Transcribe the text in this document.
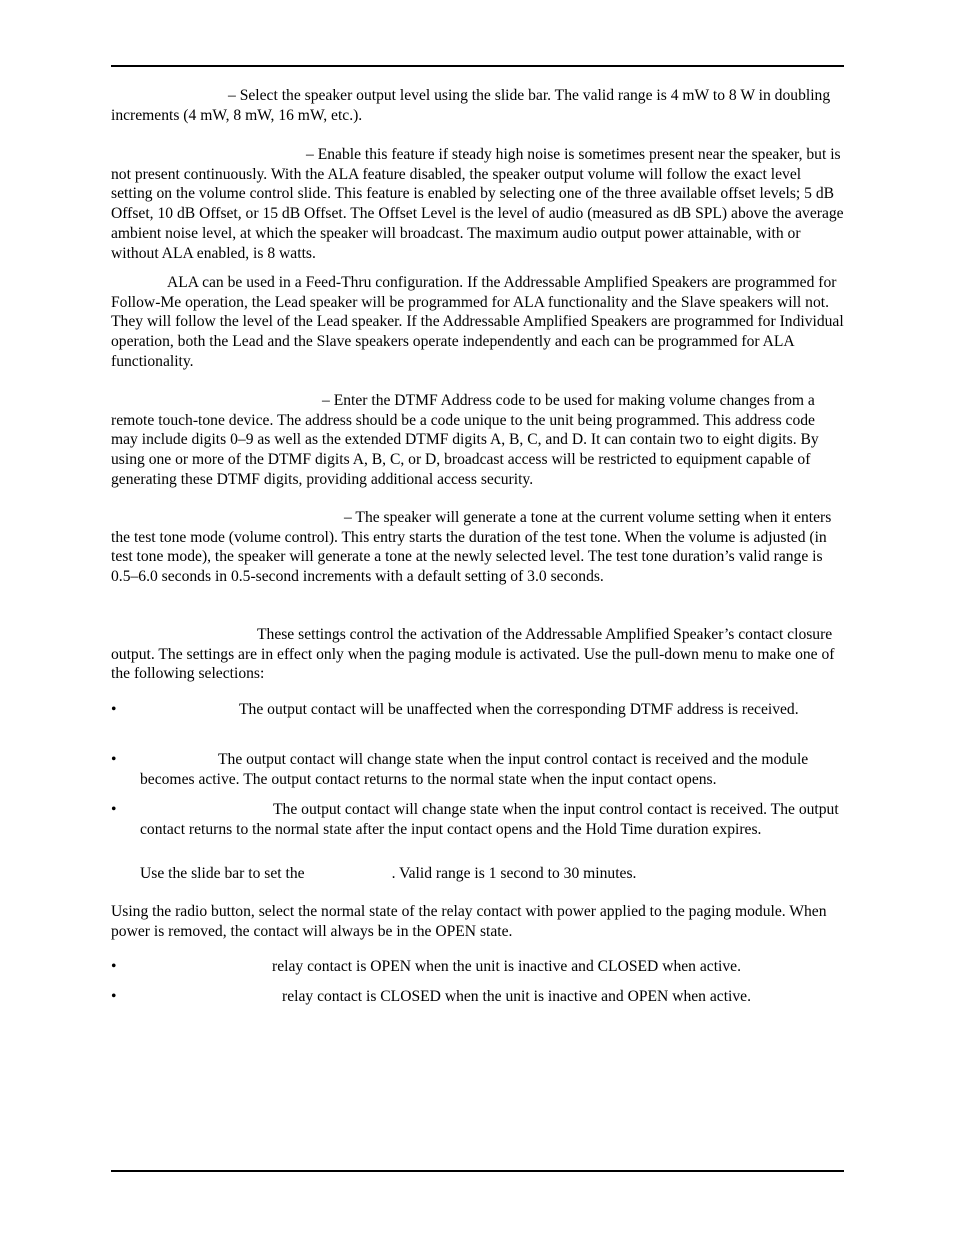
– Select the speaker output level using the slide bar. The valid range is 4 mW to 8 W in doubling increments (4 mW, 8 mW, 16 mW, etc.).

– Enable this feature if steady high noise is sometimes present near the speaker, but is not present continuously. With the ALA feature disabled, the speaker output volume will follow the exact level setting on the volume control slide. This feature is enabled by selecting one of the three available offset levels; 5 dB Offset, 10 dB Offset, or 15 dB Offset. The Offset Level is the level of audio (measured as dB SPL) above the average ambient noise level, at which the speaker will broadcast. The maximum audio output power attainable, with or without ALA enabled, is 8 watts.

ALA can be used in a Feed-Thru configuration. If the Addressable Amplified Speakers are programmed for Follow-Me operation, the Lead speaker will be programmed for ALA functionality and the Slave speakers will not. They will follow the level of the Lead speaker. If the Addressable Amplified Speakers are programmed for Individual operation, both the Lead and the Slave speakers operate independently and each can be programmed for ALA functionality.

– Enter the DTMF Address code to be used for making volume changes from a remote touch-tone device. The address should be a code unique to the unit being programmed. This address code may include digits 0–9 as well as the extended DTMF digits A, B, C, and D. It can contain two to eight digits. By using one or more of the DTMF digits A, B, C, or D, broadcast access will be restricted to equipment capable of generating these DTMF digits, providing additional access security.

– The speaker will generate a tone at the current volume setting when it enters the test tone mode (volume control). This entry starts the duration of the test tone. When the volume is adjusted (in test tone mode), the speaker will generate a tone at the newly selected level. The test tone duration’s valid range is 0.5–6.0 seconds in 0.5-second increments with a default setting of 3.0 seconds.

These settings control the activation of the Addressable Amplified Speaker’s contact closure output. The settings are in effect only when the paging module is activated. Use the pull-down menu to make one of the following selections:

•	The output contact will be unaffected when the corresponding DTMF address is received.
•	The output contact will change state when the input control contact is received and the module becomes active. The output contact returns to the normal state when the input contact opens.
•	The output contact will change state when the input control contact is received. The output contact returns to the normal state after the input contact opens and the Hold Time duration expires.
Use the slide bar to set the	. Valid range is 1 second to 30 minutes.

Using the radio button, select the normal state of the relay contact with power applied to the paging module. When power is removed, the contact will always be in the OPEN state.

•	relay contact is OPEN when the unit is inactive and CLOSED when active.
•	relay contact is CLOSED when the unit is inactive and OPEN when active.
